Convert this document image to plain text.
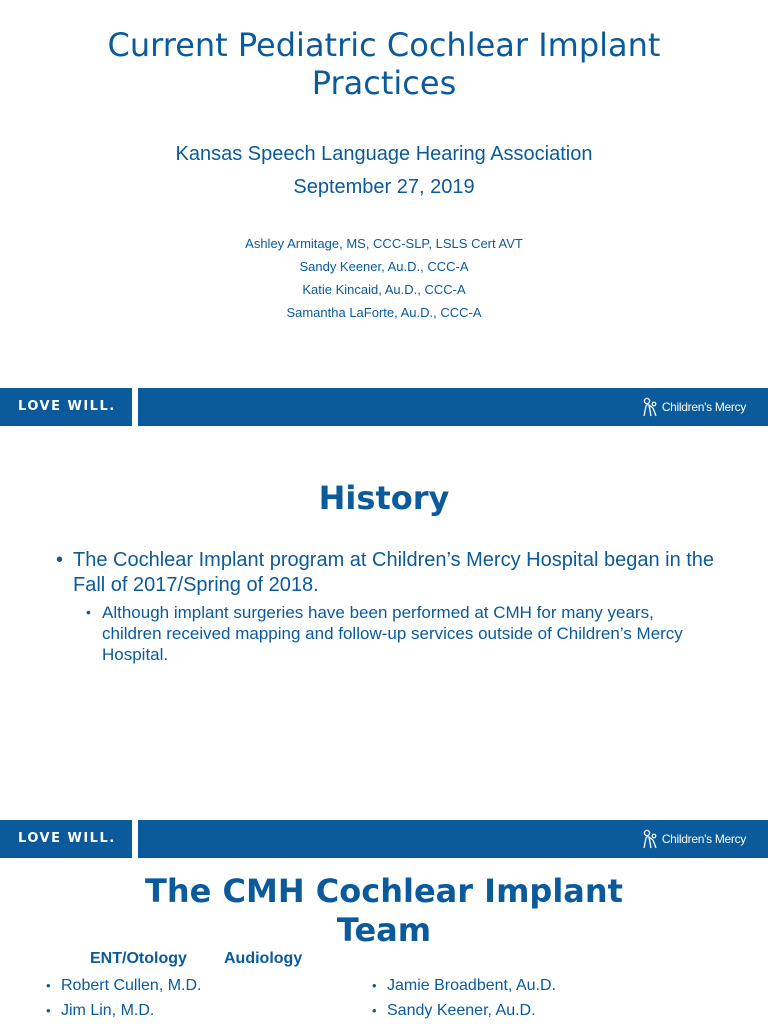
Current Pediatric Cochlear Implant
Practices
Kansas Speech Language Hearing Association
September 27, 2019
Ashley Armitage, MS, CCC-SLP, LSLS Cert AVT
Sandy Keener, Au.D., CCC-A
Katie Kincaid, Au.D., CCC-A
Samantha LaForte, Au.D., CCC-A
LOVE WILL.	Children's Mercy
History
• The Cochlear Implant program at Children’s Mercy Hospital began in the Fall of 2017/Spring of 2018.
• Although implant surgeries have been performed at CMH for many years, children received mapping and follow-up services outside of Children’s Mercy Hospital.
LOVE WILL.	Children's Mercy
The CMH Cochlear Implant
Team
ENT/Otology Audiology
• Robert Cullen, M.D.
• Jim Lin, M.D.
• Jamie Broadbent, Au.D.
• Sandy Keener, Au.D.
